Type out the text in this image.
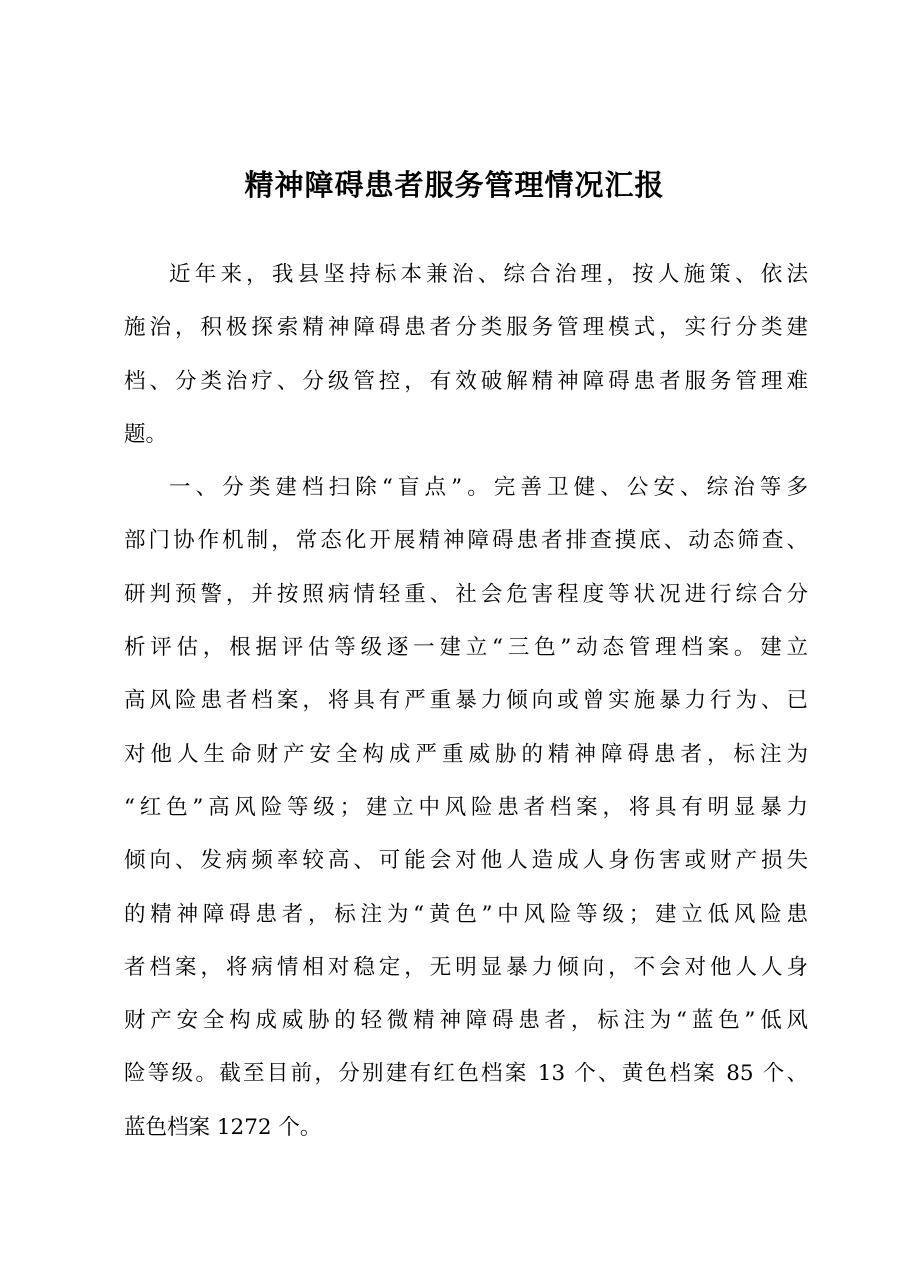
精神障碍患者服务管理情况汇报
近年来，我县坚持标本兼治、综合治理，按人施策、依法
施治，积极探索精神障碍患者分类服务管理模式，实行分类建
档、分类治疗、分级管控，有效破解精神障碍患者服务管理难
题。
一、分类建档扫除“盲点”。完善卫健、公安、综治等多
部门协作机制，常态化开展精神障碍患者排查摸底、动态筛查、
研判预警，并按照病情轻重、社会危害程度等状况进行综合分
析评估，根据评估等级逐一建立“三色”动态管理档案。建立
高风险患者档案，将具有严重暴力倾向或曾实施暴力行为、已
对他人生命财产安全构成严重威胁的精神障碍患者，标注为
“红色”高风险等级；建立中风险患者档案，将具有明显暴力
倾向、发病频率较高、可能会对他人造成人身伤害或财产损失
的精神障碍患者，标注为“黄色”中风险等级；建立低风险患
者档案，将病情相对稳定，无明显暴力倾向，不会对他人人身
财产安全构成威胁的轻微精神障碍患者，标注为“蓝色”低风
险等级。截至目前，分别建有红色档案 13 个、黄色档案 85 个、
蓝色档案 1272 个。
